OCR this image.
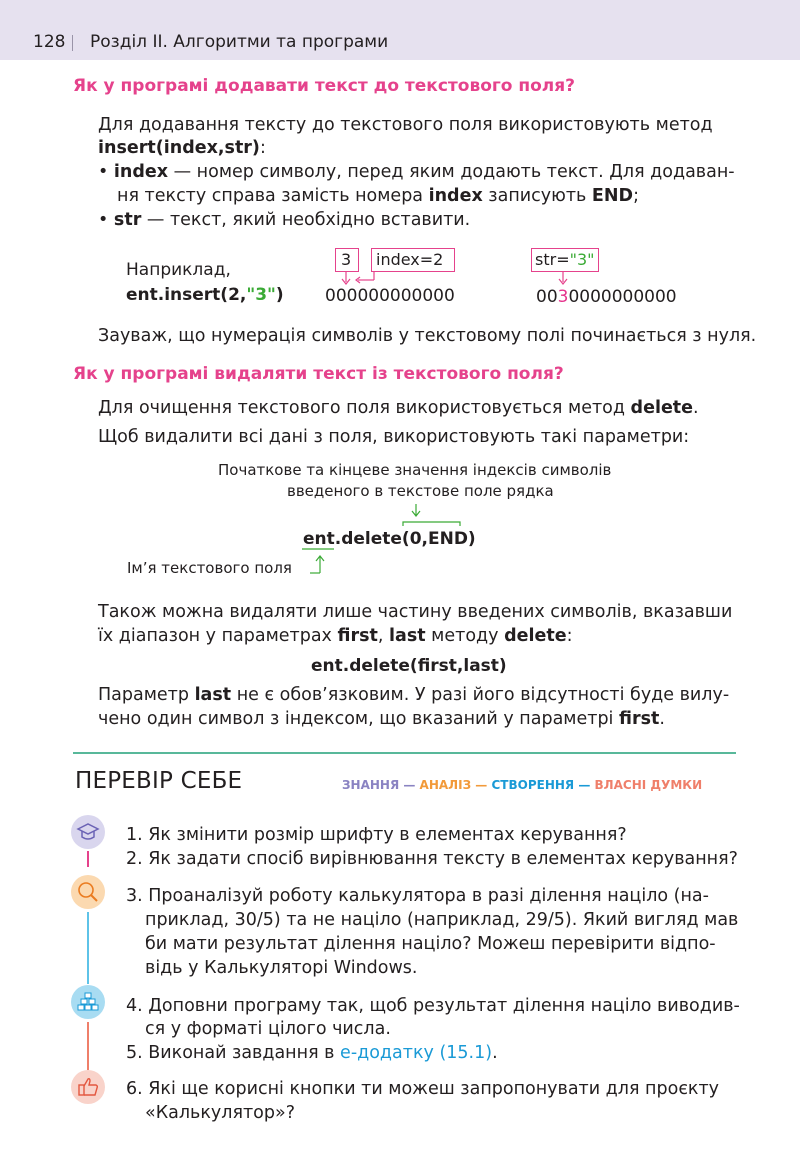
128 Розділ II. Алгоритми та програми
Як у програмі додавати текст до текстового поля?
Для додавання тексту до текстового поля використовують метод
insert(index,str):
• index — номер символу, перед яким додають текст. Для додаван-
ня тексту справа замість номера index записують END;
• str — текст, який необхідно вставити.
Наприклад,
ent.insert(2,"3")
3 index=2
000000000000
str="3"
0030000000000
Зауваж, що нумерація символів у текстовому полі починається з нуля.
Як у програмі видаляти текст із текстового поля?
Для очищення текстового поля використовується метод delete.
Щоб видалити всі дані з поля, використовують такі параметри:
Початкове та кінцеве значення індексів символів
введеного в текстове поле рядка
ent.delete(0,END)
Ім’я текстового поля
Також можна видаляти лише частину введених символів, вказавши
їх діапазон у параметрах first, last методу delete:
ent.delete(first,last)
Параметр last не є обов’язковим. У разі його відсутності буде вилу-
чено один символ з індексом, що вказаний у параметрі first.
ПЕРЕВІР СЕБЕ	ЗНАННЯ — АНАЛІЗ — СТВОРЕННЯ — ВЛАСНІ ДУМКИ
1. Як змінити розмір шрифту в елементах керування?
2. Як задати спосіб вирівнювання тексту в елементах керування?
3. Проаналізуй роботу калькулятора в разі ділення націло (на-
приклад, 30/5) та не націло (наприклад, 29/5). Який вигляд мав
би мати результат ділення націло? Можеш перевірити відпо-
відь у Калькуляторі Windows.
4. Доповни програму так, щоб результат ділення націло виводив-
ся у форматі цілого числа.
5. Виконай завдання в е-додатку (15.1).
6. Які ще корисні кнопки ти можеш запропонувати для проєкту
«Калькулятор»?
